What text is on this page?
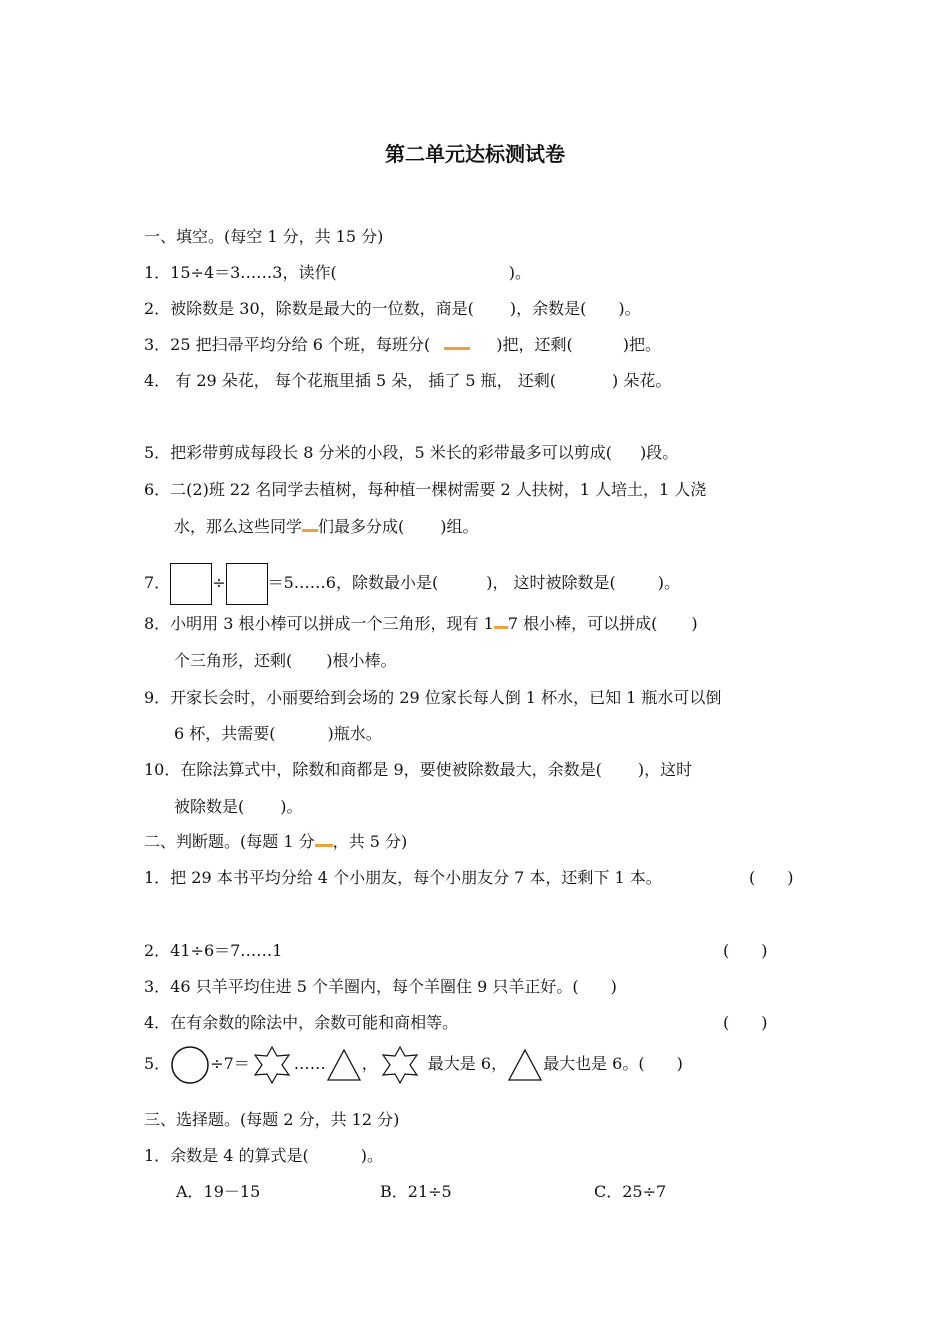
第二单元达标测试卷
一、填空。(每空 1 分，共 15 分)
1．15÷4＝3……3，读作(	)。
2．被除数是 30，除数是最大的一位数，商是( )，余数是( )。
3．25 把扫帚平均分给 6 个班，每班分(	)把，还剩(	)把。
4． 有 29 朵花， 每个花瓶里插 5 朵， 插了 5 瓶， 还剩(	) 朵花。
5．把彩带剪成每段长 8 分米的小段，5 米长的彩带最多可以剪成( )段。
6．二(2)班 22 名同学去植树，每种植一棵树需要 2 人扶树，1 人培土，1 人浇
水，那么这些同学 们最多分成( )组。
7．	÷	＝5……6，除数最小是(	)， 这时被除数是(	)。
8．小明用 3 根小棒可以拼成一个三角形，现有 1 7 根小棒，可以拼成( )
个三角形，还剩( )根小棒。
9．开家长会时，小丽要给到会场的 29 位家长每人倒 1 杯水，已知 1 瓶水可以倒
6 杯，共需要(	)瓶水。
10．在除法算式中，除数和商都是 9，要使被除数最大，余数是( )，这时
被除数是( )。
二、判断题。(每题 1 分 ，共 5 分)
1．把 29 本书平均分给 4 个小朋友，每个小朋友分 7 本，还剩下 1 本。	(　　)
2．41÷6＝7……1	(　　)
3．46 只羊平均住进 5 个羊圈内，每个羊圈住 9 只羊正好。(　　)
4．在有余数的除法中，余数可能和商相等。	(　　)
5．	÷7＝	…… ，	最大是 6， 最大也是 6。(　　)
三、选择题。(每题 2 分，共 12 分)
1．余数是 4 的算式是(	)。
A．19－15	B．21÷5	C．25÷7
